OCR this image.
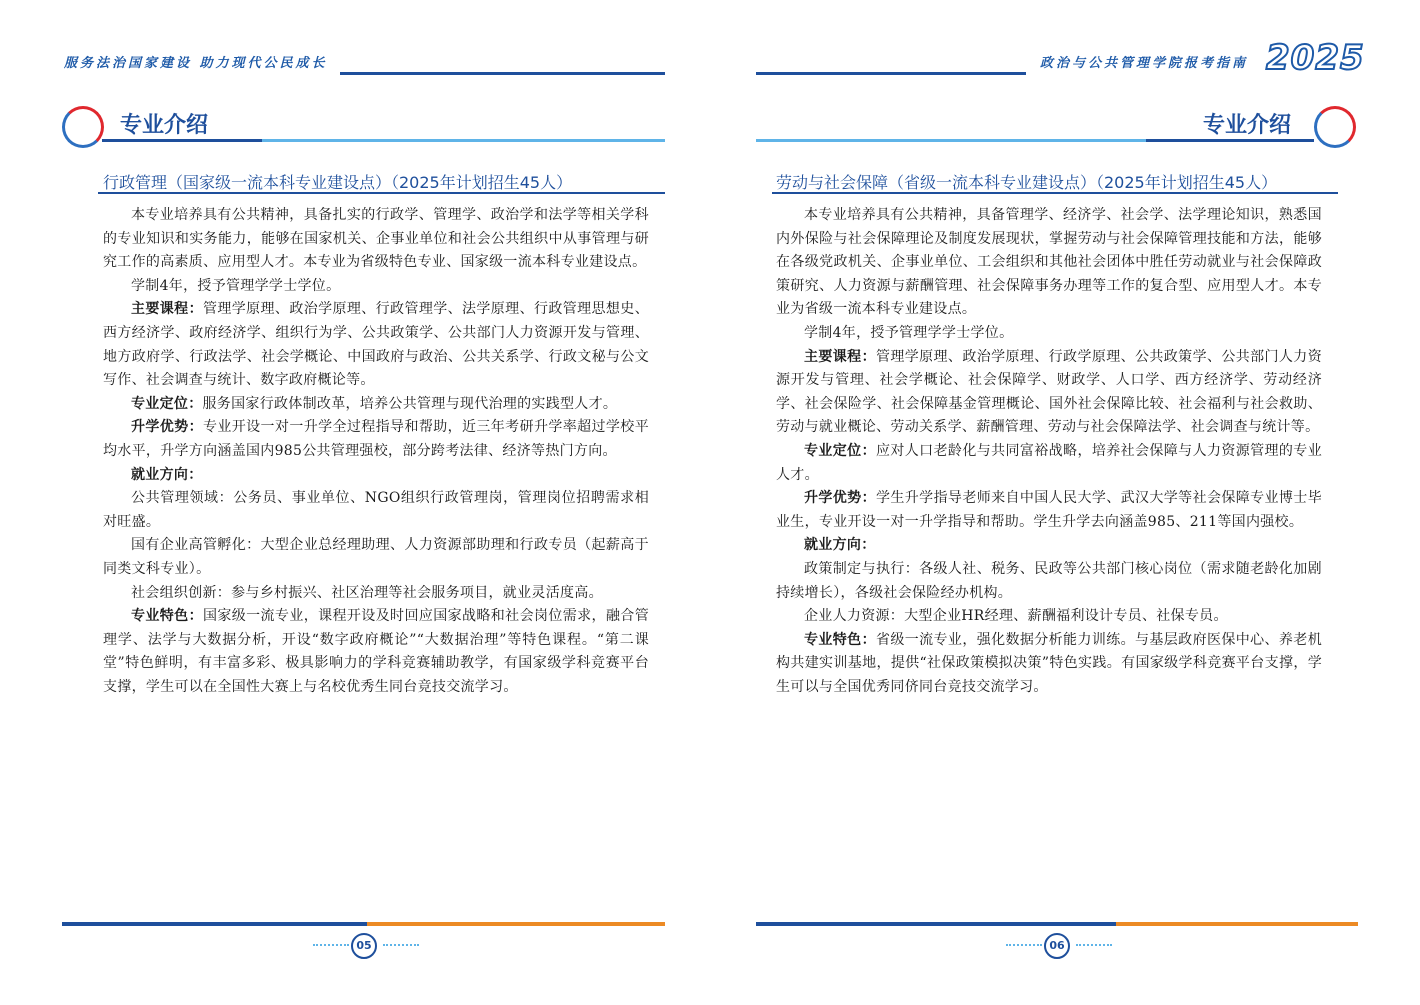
服务法治国家建设 助力现代公民成长
专业介绍
行政管理（国家级一流本科专业建设点）（2025年计划招生45人）

本专业培养具有公共精神，具备扎实的行政学、管理学、政治学和法学等相关学科的专业知识和实务能力，能够在国家机关、企事业单位和社会公共组织中从事管理与研究工作的高素质、应用型人才。本专业为省级特色专业、国家级一流本科专业建设点。

学制4年，授予管理学学士学位。

主要课程：管理学原理、政治学原理、行政管理学、法学原理、行政管理思想史、西方经济学、政府经济学、组织行为学、公共政策学、公共部门人力资源开发与管理、地方政府学、行政法学、社会学概论、中国政府与政治、公共关系学、行政文秘与公文写作、社会调查与统计、数字政府概论等。

专业定位：服务国家行政体制改革，培养公共管理与现代治理的实践型人才。

升学优势：专业开设一对一升学全过程指导和帮助，近三年考研升学率超过学校平均水平，升学方向涵盖国内985公共管理强校，部分跨考法律、经济等热门方向。

就业方向：

公共管理领域：公务员、事业单位、NGO组织行政管理岗，管理岗位招聘需求相对旺盛。

国有企业高管孵化：大型企业总经理助理、人力资源部助理和行政专员（起薪高于同类文科专业）。

社会组织创新：参与乡村振兴、社区治理等社会服务项目，就业灵活度高。

专业特色：国家级一流专业，课程开设及时回应国家战略和社会岗位需求，融合管理学、法学与大数据分析，开设“数字政府概论”“大数据治理”等特色课程。“第二课堂”特色鲜明，有丰富多彩、极具影响力的学科竞赛辅助教学，有国家级学科竞赛平台支撑，学生可以在全国性大赛上与名校优秀生同台竞技交流学习。

05
政治与公共管理学院报考指南 2025
专业介绍
劳动与社会保障（省级一流本科专业建设点）（2025年计划招生45人）

本专业培养具有公共精神，具备管理学、经济学、社会学、法学理论知识，熟悉国内外保险与社会保障理论及制度发展现状，掌握劳动与社会保障管理技能和方法，能够在各级党政机关、企事业单位、工会组织和其他社会团体中胜任劳动就业与社会保障政策研究、人力资源与薪酬管理、社会保障事务办理等工作的复合型、应用型人才。本专业为省级一流本科专业建设点。

学制4年，授予管理学学士学位。

主要课程：管理学原理、政治学原理、行政学原理、公共政策学、公共部门人力资源开发与管理、社会学概论、社会保障学、财政学、人口学、西方经济学、劳动经济学、社会保险学、社会保障基金管理概论、国外社会保障比较、社会福利与社会救助、劳动与就业概论、劳动关系学、薪酬管理、劳动与社会保障法学、社会调查与统计等。

专业定位：应对人口老龄化与共同富裕战略，培养社会保障与人力资源管理的专业人才。

升学优势：学生升学指导老师来自中国人民大学、武汉大学等社会保障专业博士毕业生，专业开设一对一升学指导和帮助。学生升学去向涵盖985、211等国内强校。

就业方向：

政策制定与执行：各级人社、税务、民政等公共部门核心岗位（需求随老龄化加剧持续增长），各级社会保险经办机构。

企业人力资源：大型企业HR经理、薪酬福利设计专员、社保专员。

专业特色：省级一流专业，强化数据分析能力训练。与基层政府医保中心、养老机构共建实训基地，提供“社保政策模拟决策”特色实践。有国家级学科竞赛平台支撑，学生可以与全国优秀同侪同台竞技交流学习。

06
